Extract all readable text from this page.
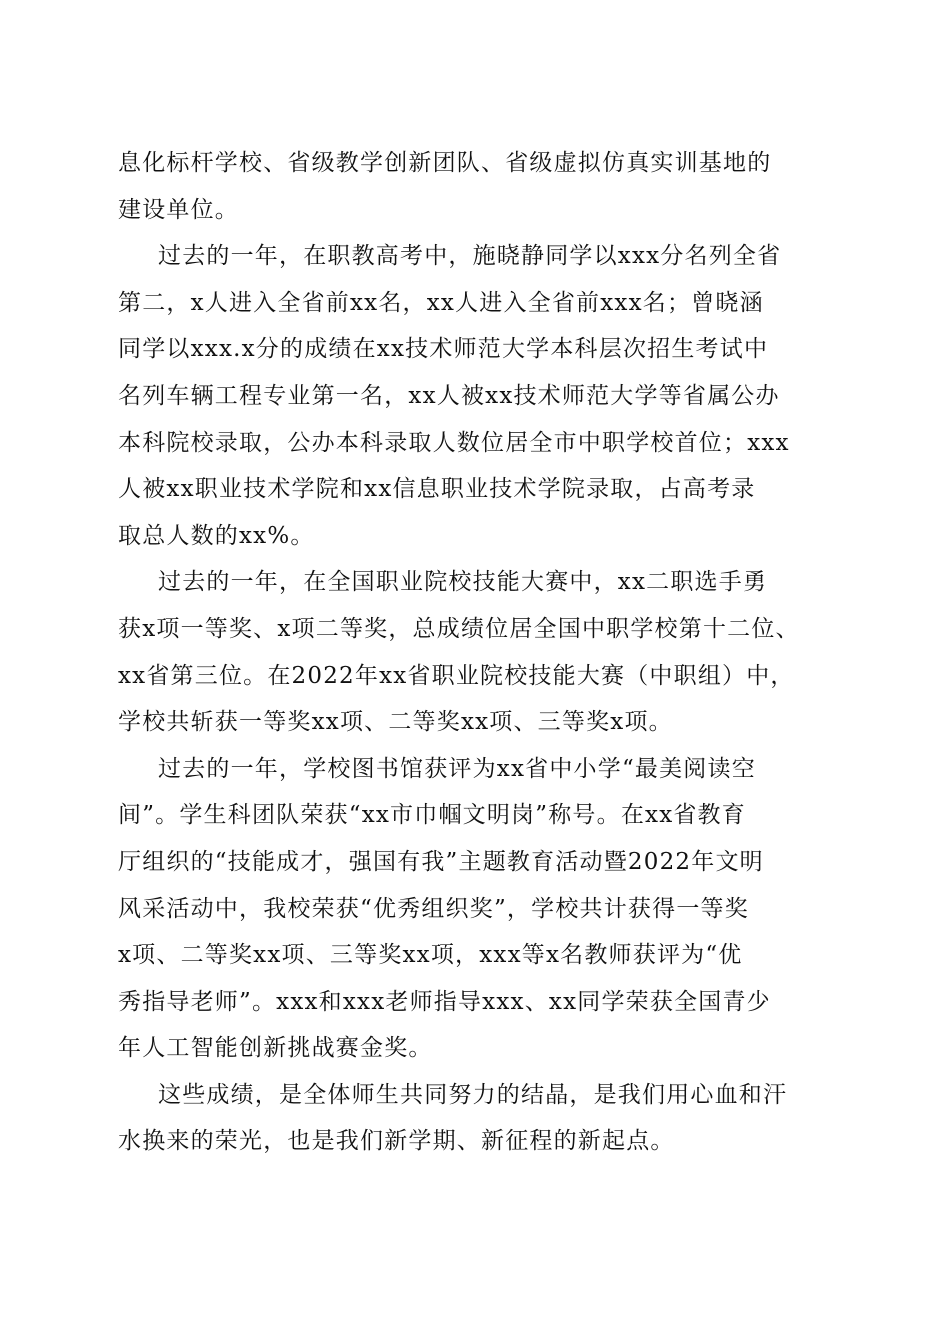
息化标杆学校、省级教学创新团队、省级虚拟仿真实训基地的
建设单位。
过去的一年，在职教高考中，施晓静同学以xxx分名列全省
第二，x人进入全省前xx名，xx人进入全省前xxx名；曾晓涵
同学以xxx.x分的成绩在xx技术师范大学本科层次招生考试中
名列车辆工程专业第一名，xx人被xx技术师范大学等省属公办
本科院校录取，公办本科录取人数位居全市中职学校首位；xxx
人被xx职业技术学院和xx信息职业技术学院录取，占高考录
取总人数的xx%。
过去的一年，在全国职业院校技能大赛中，xx二职选手勇
获x项一等奖、x项二等奖，总成绩位居全国中职学校第十二位、
xx省第三位。在2022年xx省职业院校技能大赛（中职组）中，
学校共斩获一等奖xx项、二等奖xx项、三等奖x项。
过去的一年，学校图书馆获评为xx省中小学“最美阅读空
间”。学生科团队荣获“xx市巾帼文明岗”称号。在xx省教育
厅组织的“技能成才，强国有我”主题教育活动暨2022年文明
风采活动中，我校荣获“优秀组织奖”，学校共计获得一等奖
x项、二等奖xx项、三等奖xx项，xxx等x名教师获评为“优
秀指导老师”。xxx和xxx老师指导xxx、xx同学荣获全国青少
年人工智能创新挑战赛金奖。
这些成绩，是全体师生共同努力的结晶，是我们用心血和汗
水换来的荣光，也是我们新学期、新征程的新起点。
